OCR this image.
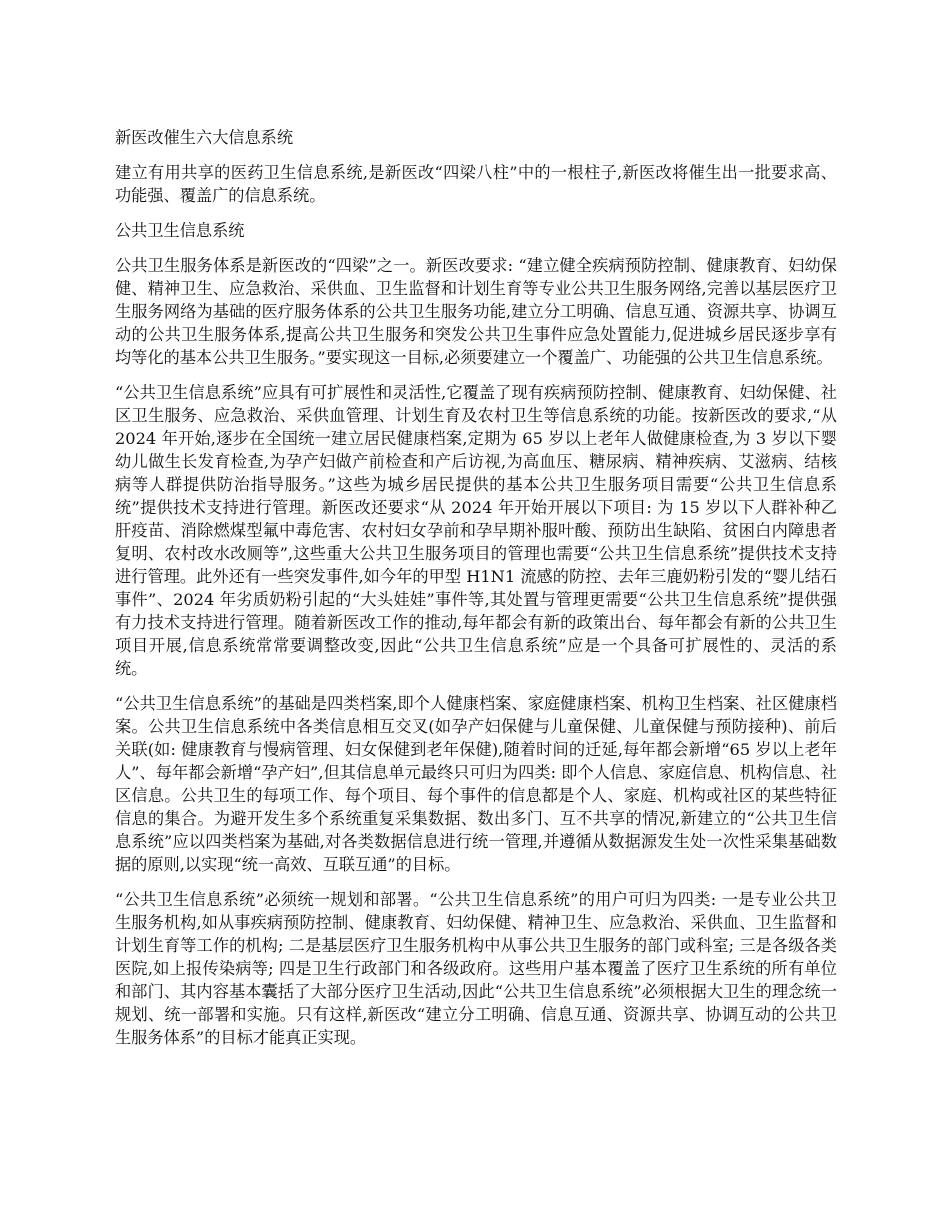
新医改催生六大信息系统

建立有用共享的医药卫生信息系统,是新医改“四梁八柱”中的一根柱子,新医改将催生出一批要求高、功能强、覆盖广的信息系统。

公共卫生信息系统

公共卫生服务体系是新医改的“四梁”之一。新医改要求: “建立健全疾病预防控制、健康教育、妇幼保健、精神卫生、应急救治、采供血、卫生监督和计划生育等专业公共卫生服务网络,完善以基层医疗卫生服务网络为基础的医疗服务体系的公共卫生服务功能,建立分工明确、信息互通、资源共享、协调互动的公共卫生服务体系,提高公共卫生服务和突发公共卫生事件应急处置能力,促进城乡居民逐步享有均等化的基本公共卫生服务。”要实现这一目标,必须要建立一个覆盖广、功能强的公共卫生信息系统。

“公共卫生信息系统”应具有可扩展性和灵活性,它覆盖了现有疾病预防控制、健康教育、妇幼保健、社区卫生服务、应急救治、采供血管理、计划生育及农村卫生等信息系统的功能。按新医改的要求,“从 2024 年开始,逐步在全国统一建立居民健康档案,定期为 65 岁以上老年人做健康检查,为 3 岁以下婴幼儿做生长发育检查,为孕产妇做产前检查和产后访视,为高血压、糖尿病、精神疾病、艾滋病、结核病等人群提供防治指导服务。”这些为城乡居民提供的基本公共卫生服务项目需要“公共卫生信息系统”提供技术支持进行管理。新医改还要求“从 2024 年开始开展以下项目: 为 15 岁以下人群补种乙肝疫苗、消除燃煤型氟中毒危害、农村妇女孕前和孕早期补服叶酸、预防出生缺陷、贫困白内障患者复明、农村改水改厕等”,这些重大公共卫生服务项目的管理也需要“公共卫生信息系统”提供技术支持进行管理。此外还有一些突发事件,如今年的甲型 H1N1 流感的防控、去年三鹿奶粉引发的“婴儿结石事件”、2024 年劣质奶粉引起的“大头娃娃”事件等,其处置与管理更需要“公共卫生信息系统”提供强有力技术支持进行管理。随着新医改工作的推动,每年都会有新的政策出台、每年都会有新的公共卫生项目开展,信息系统常常要调整改变,因此“公共卫生信息系统”应是一个具备可扩展性的、灵活的系统。

“公共卫生信息系统”的基础是四类档案,即个人健康档案、家庭健康档案、机构卫生档案、社区健康档案。公共卫生信息系统中各类信息相互交叉(如孕产妇保健与儿童保健、儿童保健与预防接种)、前后关联(如: 健康教育与慢病管理、妇女保健到老年保健),随着时间的迁延,每年都会新增“65 岁以上老年人”、每年都会新增“孕产妇”,但其信息单元最终只可归为四类: 即个人信息、家庭信息、机构信息、社区信息。公共卫生的每项工作、每个项目、每个事件的信息都是个人、家庭、机构或社区的某些特征信息的集合。为避开发生多个系统重复采集数据、数出多门、互不共享的情况,新建立的“公共卫生信息系统”应以四类档案为基础,对各类数据信息进行统一管理,并遵循从数据源发生处一次性采集基础数据的原则,以实现“统一高效、互联互通”的目标。

“公共卫生信息系统”必须统一规划和部署。“公共卫生信息系统”的用户可归为四类: 一是专业公共卫生服务机构,如从事疾病预防控制、健康教育、妇幼保健、精神卫生、应急救治、采供血、卫生监督和计划生育等工作的机构; 二是基层医疗卫生服务机构中从事公共卫生服务的部门或科室; 三是各级各类医院,如上报传染病等; 四是卫生行政部门和各级政府。这些用户基本覆盖了医疗卫生系统的所有单位和部门、其内容基本囊括了大部分医疗卫生活动,因此“公共卫生信息系统”必须根据大卫生的理念统一规划、统一部署和实施。只有这样,新医改“建立分工明确、信息互通、资源共享、协调互动的公共卫生服务体系”的目标才能真正实现。
